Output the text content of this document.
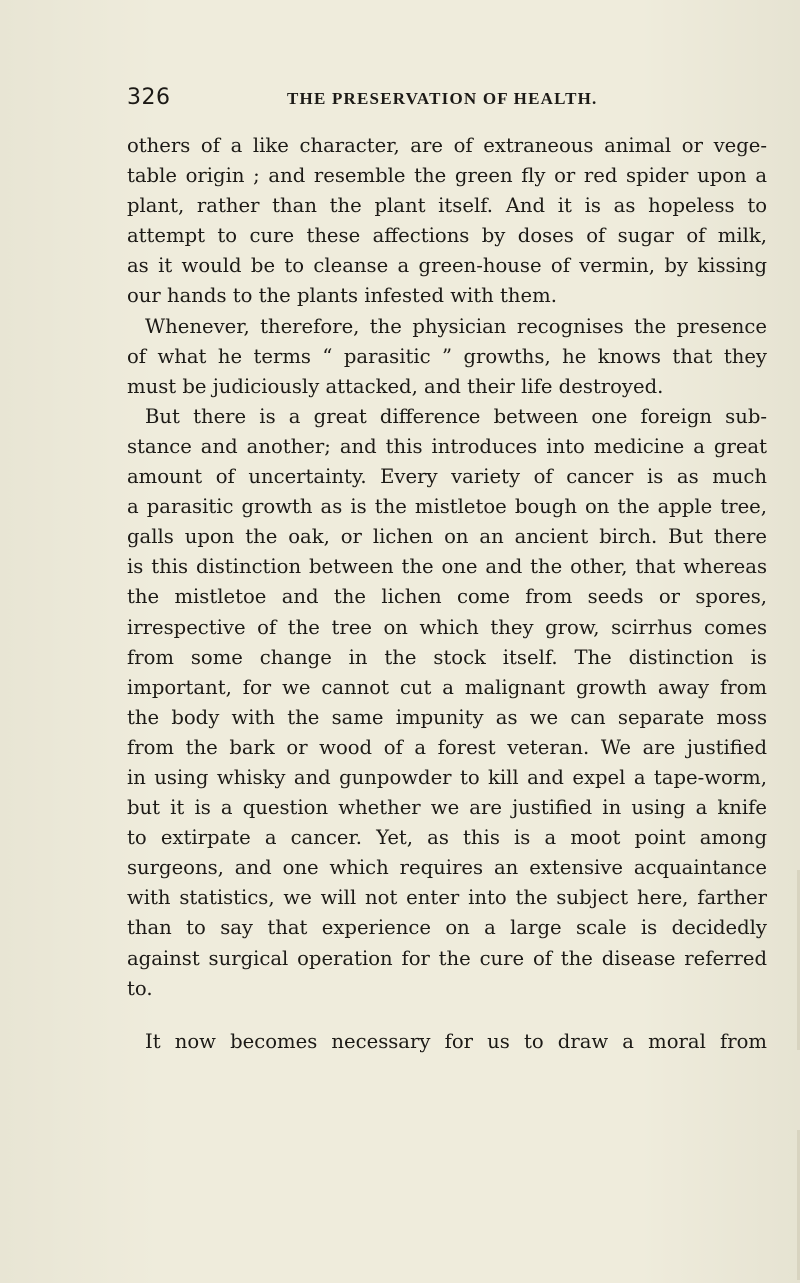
326	THE PRESERVATION OF HEALTH.
others of a like character, are of extraneous animal or vege-
table origin ; and resemble the green fly or red spider upon a
plant, rather than the plant itself. And it is as hopeless to
attempt to cure these affections by doses of sugar of milk,
as it would be to cleanse a green-house of vermin, by kissing
our hands to the plants infested with them.
Whenever, therefore, the physician recognises the presence
of what he terms “ parasitic ” growths, he knows that they
must be judiciously attacked, and their life destroyed.
But there is a great difference between one foreign sub-
stance and another; and this introduces into medicine a great
amount of uncertainty. Every variety of cancer is as much
a parasitic growth as is the mistletoe bough on the apple tree,
galls upon the oak, or lichen on an ancient birch. But there
is this distinction between the one and the other, that whereas
the mistletoe and the lichen come from seeds or spores,
irrespective of the tree on which they grow, scirrhus comes
from some change in the stock itself. The distinction is
important, for we cannot cut a malignant growth away from
the body with the same impunity as we can separate moss
from the bark or wood of a forest veteran. We are justified
in using whisky and gunpowder to kill and expel a tape-worm,
but it is a question whether we are justified in using a knife
to extirpate a cancer. Yet, as this is a moot point among
surgeons, and one which requires an extensive acquaintance
with statistics, we will not enter into the subject here, farther
than to say that experience on a large scale is decidedly
against surgical operation for the cure of the disease referred
to.
It now becomes necessary for us to draw a moral from
